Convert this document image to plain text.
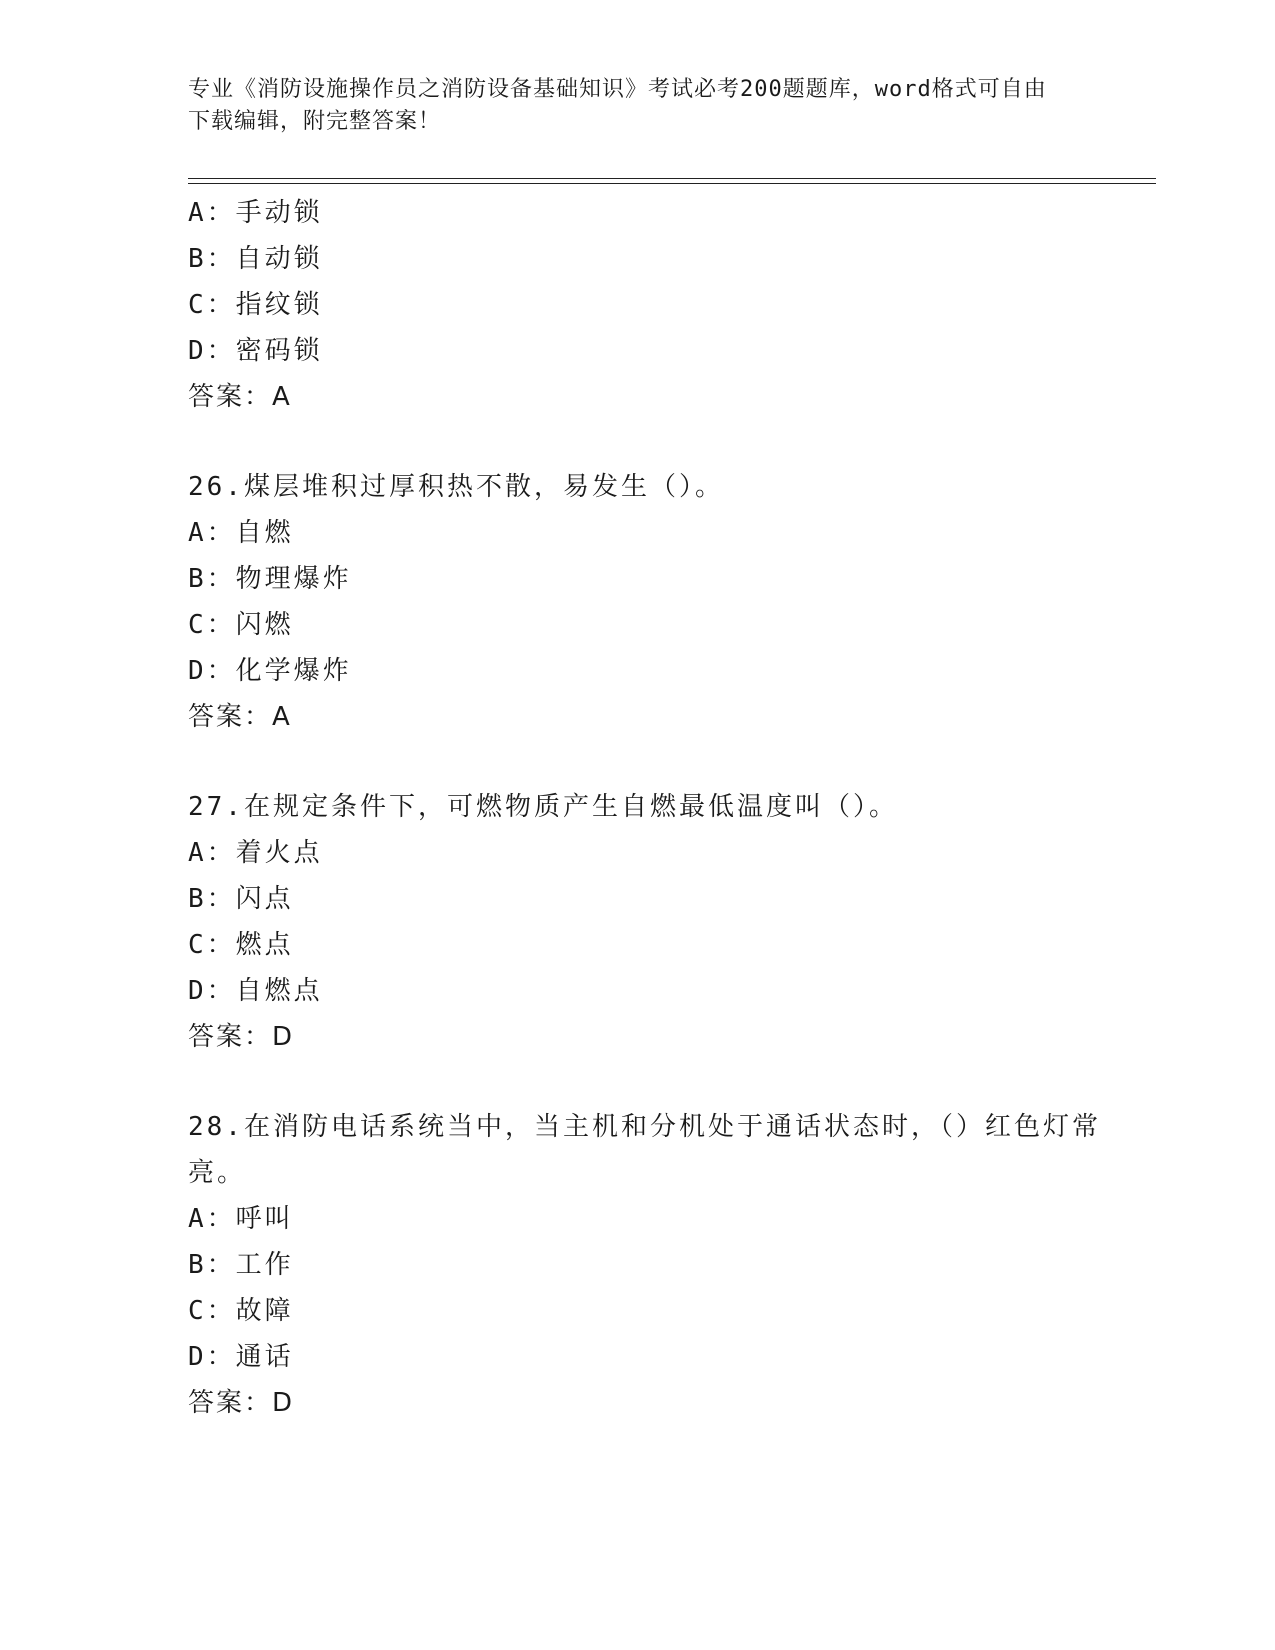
专业《消防设施操作员之消防设备基础知识》考试必考200题题库，word格式可自由下载编辑，附完整答案！
A：手动锁
B：自动锁
C：指纹锁
D：密码锁
答案：A
26.煤层堆积过厚积热不散，易发生（）。
A：自燃
B：物理爆炸
C：闪燃
D：化学爆炸
答案：A
27.在规定条件下，可燃物质产生自燃最低温度叫（）。
A：着火点
B：闪点
C：燃点
D：自燃点
答案：D
28.在消防电话系统当中，当主机和分机处于通话状态时，（）红色灯常亮。
A：呼叫
B：工作
C：故障
D：通话
答案：D
